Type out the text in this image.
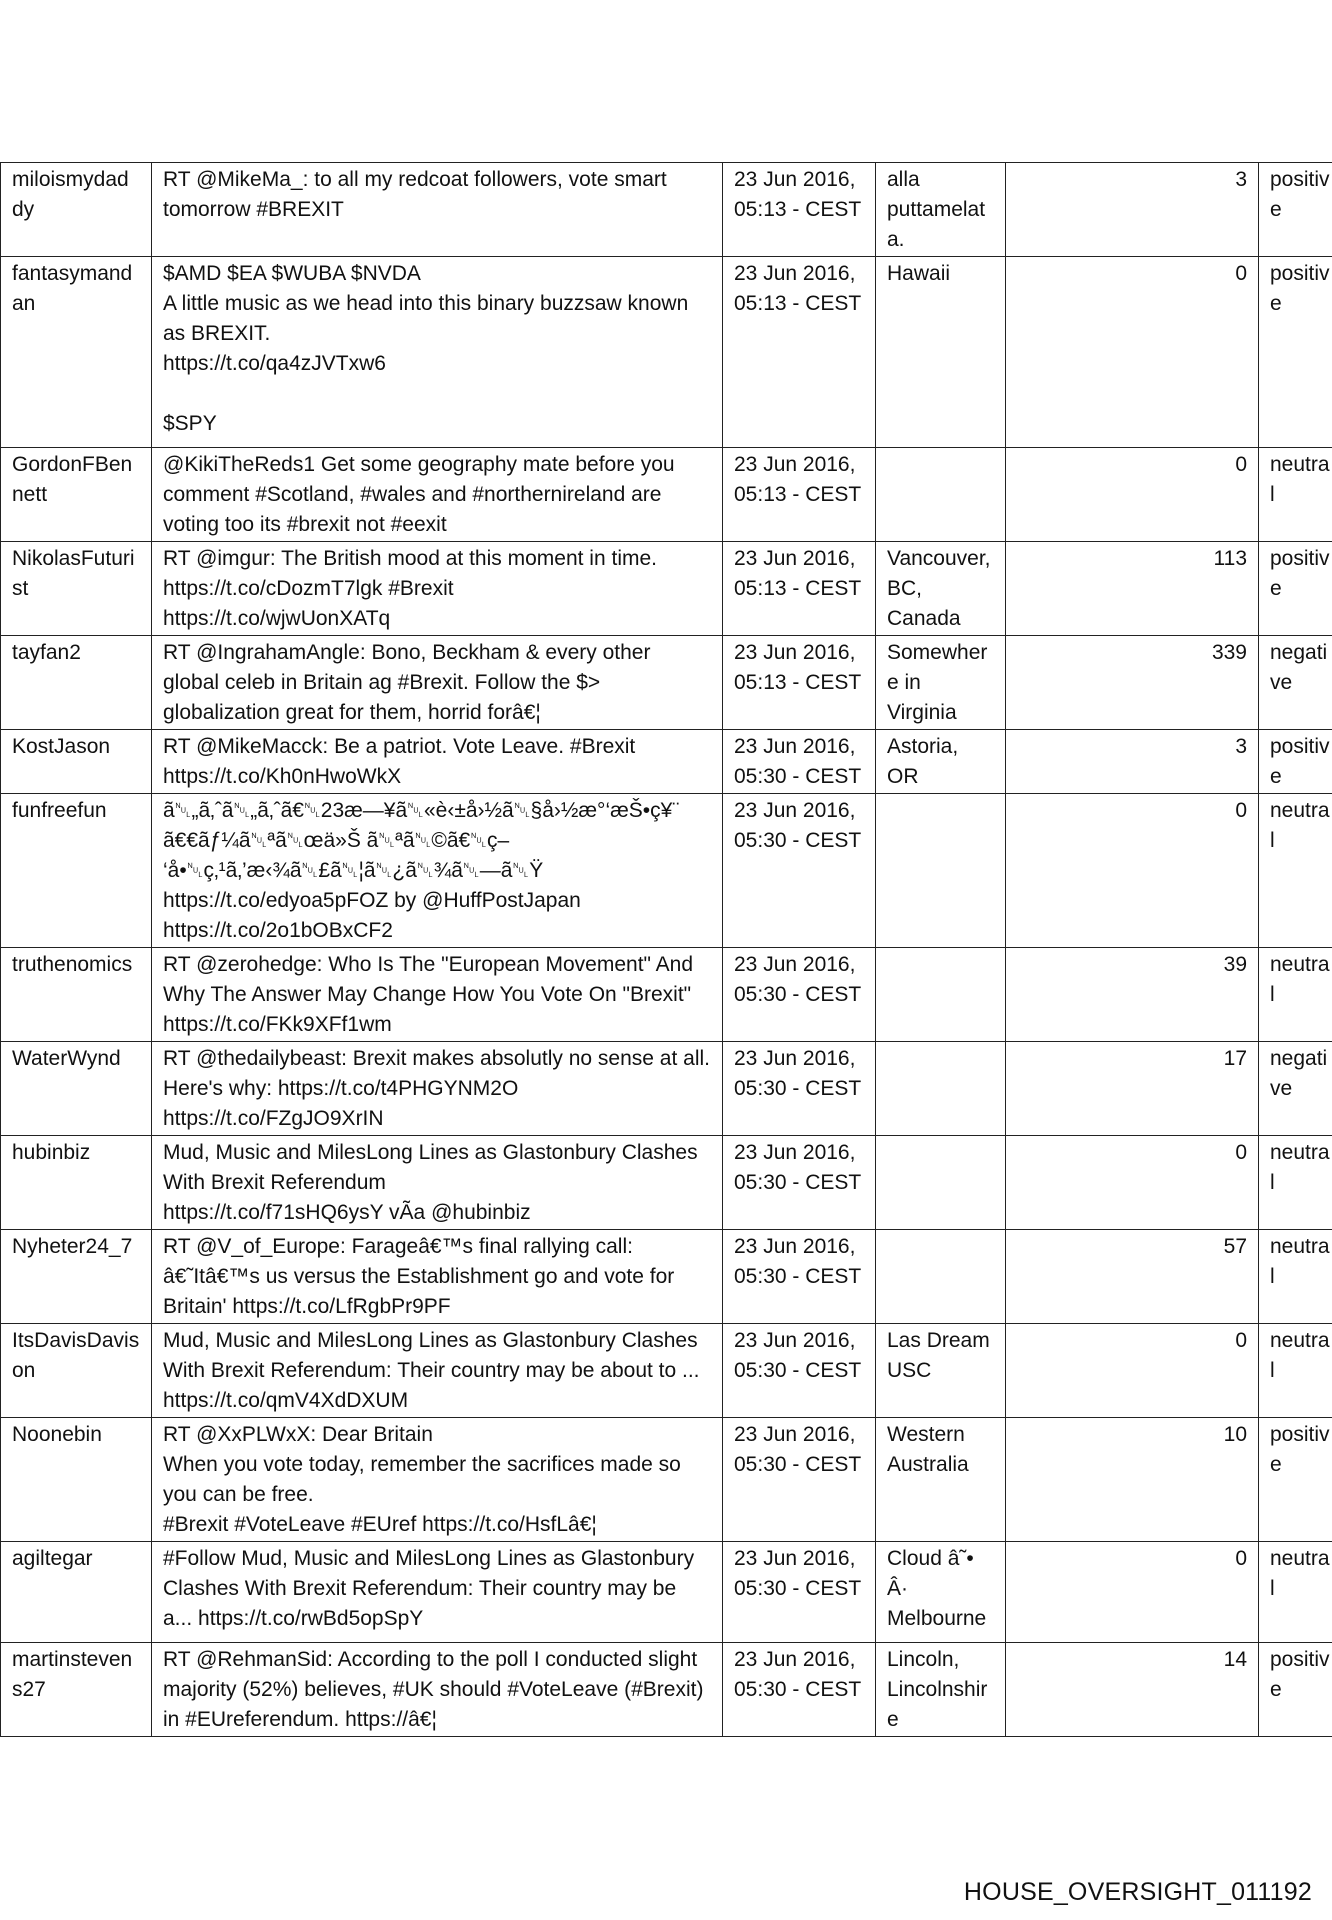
miloismydaddy	RT @MikeMa_: to all my redcoat followers, vote smart tomorrow #BREXIT	23 Jun 2016,
05:13 - CEST	alla puttamelata.	3	positive
fantasymandan	$AMD $EA $WUBA $NVDA
A little music as we head into this binary buzzsaw known as BREXIT.
https://t.co/qa4zJVTxw6

$SPY	23 Jun 2016,
05:13 - CEST	Hawaii	0	positive
GordonFBennett	@KikiTheReds1 Get some geography mate before you comment #Scotland, #wales and #northernireland are voting too its #brexit not #eexit	23 Jun 2016,
05:13 - CEST		0	neutral
NikolasFuturist	RT @imgur: The British mood at this moment in time.
https://t.co/cDozmT7lgk #Brexit
https://t.co/wjwUonXATq	23 Jun 2016,
05:13 - CEST	Vancouver, BC, Canada	113	positive
tayfan2	RT @IngrahamAngle: Bono, Beckham & every other global celeb in Britain ag #Brexit. Follow the $> globalization great for them, horrid forâ€¦	23 Jun 2016,
05:13 - CEST	Somewhere in Virginia	339	negative
KostJason	RT @MikeMacck: Be a patriot. Vote Leave. #Brexit
https://t.co/Kh0nHwoWkX	23 Jun 2016,
05:30 - CEST	Astoria, OR	3	positive
funfreefun	ã␀„ã‚ˆã␀„ã‚ˆã€␀23æ—¥ã␀«è‹±å›½ã␀§å›½æ°‘æŠ•ç¥¨
ã€€ãƒ¼ã␀ªã␀œä»Š ã␀ªã␀©ã€␀ç–
‘å•␀ç‚¹ã‚’æ‹¾ã␀£ã␀¦ã␀¿ã␀¾ã␀—ã␀Ÿ
https://t.co/edyoa5pFOZ by @HuffPostJapan
https://t.co/2o1bOBxCF2	23 Jun 2016,
05:30 - CEST		0	neutral
truthenomics	RT @zerohedge: Who Is The "European Movement" And Why The Answer May Change How You Vote On "Brexit" https://t.co/FKk9XFf1wm	23 Jun 2016,
05:30 - CEST		39	neutral
WaterWynd	RT @thedailybeast: Brexit makes absolutly no sense at all. Here's why: https://t.co/t4PHGYNM2O
https://t.co/FZgJO9XrIN	23 Jun 2016,
05:30 - CEST		17	negative
hubinbiz	Mud, Music and MilesLong Lines as Glastonbury Clashes With Brexit Referendum
https://t.co/f71sHQ6ysY vÃa @hubinbiz	23 Jun 2016,
05:30 - CEST		0	neutral
Nyheter24_7	RT @V_of_Europe: Farageâ€™s final rallying call: â€˜Itâ€™s us versus the Establishment go and vote for Britain' https://t.co/LfRgbPr9PF	23 Jun 2016,
05:30 - CEST		57	neutral
ItsDavisDavison	Mud, Music and MilesLong Lines as Glastonbury Clashes With Brexit Referendum: Their country may be about to ... https://t.co/qmV4XdDXUM	23 Jun 2016,
05:30 - CEST	Las Dream USC	0	neutral
Noonebin	RT @XxPLWxX: Dear Britain
When you vote today, remember the sacrifices made so you can be free.
#Brexit #VoteLeave #EUref https://t.co/HsfLâ€¦	23 Jun 2016,
05:30 - CEST	Western Australia	10	positive
agiltegar	#Follow Mud, Music and MilesLong Lines as Glastonbury Clashes With Brexit Referendum: Their country may be a... https://t.co/rwBd5opSpY	23 Jun 2016,
05:30 - CEST	Cloud â˜• Â· Melbourne	0	neutral
martinstevens27	RT @RehmanSid: According to the poll I conducted slight majority (52%) believes, #UK should #VoteLeave (#Brexit) in #EUreferendum. https://â€¦	23 Jun 2016,
05:30 - CEST	Lincoln, Lincolnshire	14	positive
HOUSE_OVERSIGHT_011192
